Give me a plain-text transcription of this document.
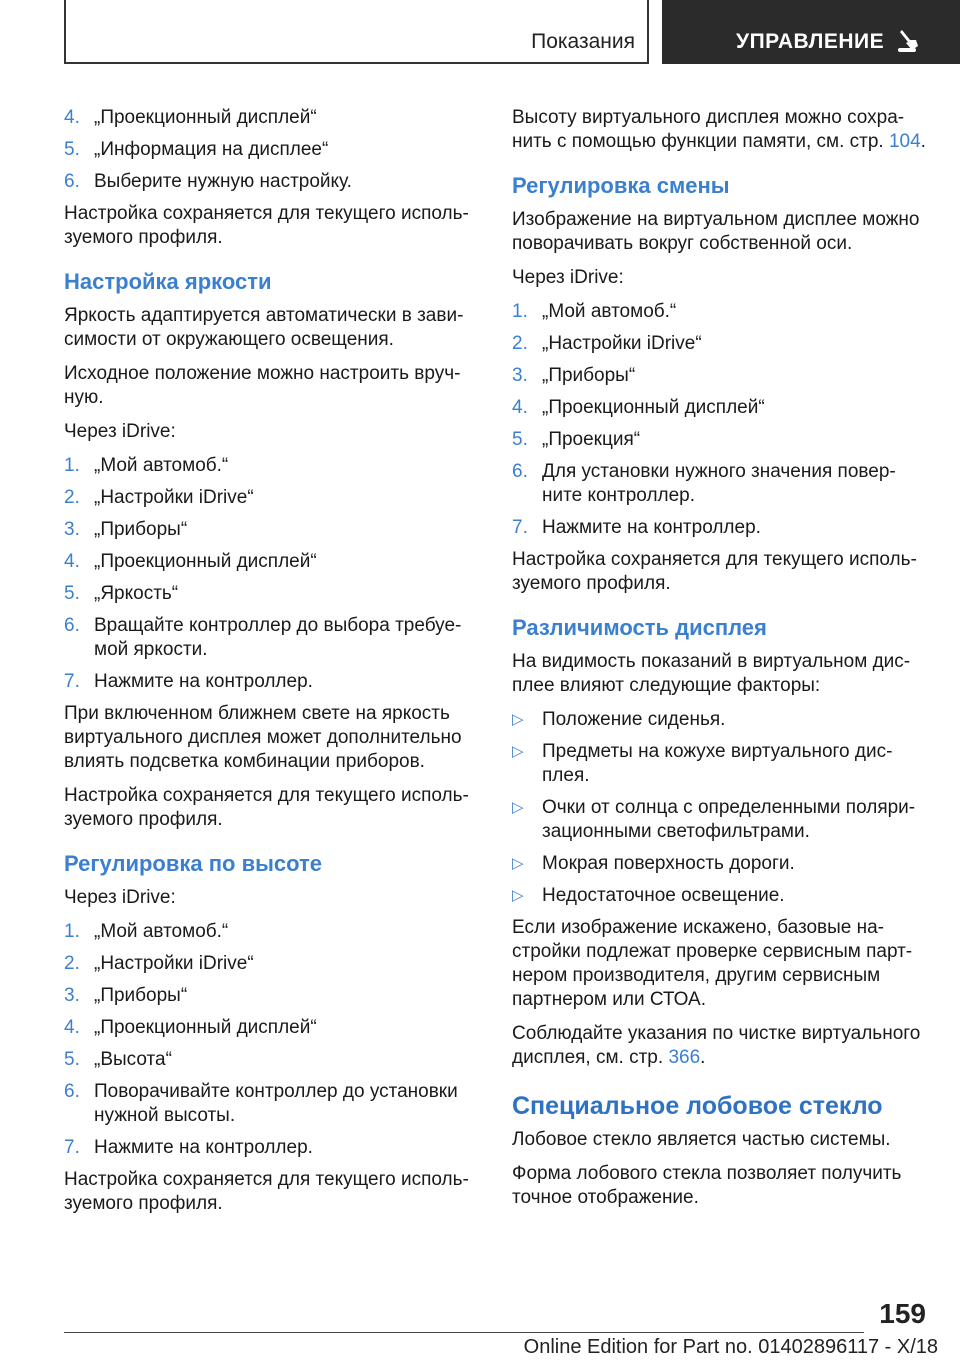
Показания	УПРАВЛЕНИЕ
4. „Проекционный дисплей“
5. „Информация на дисплее“
6. Выберите нужную настройку.

Настройка сохраняется для текущего исполь-зуемого профиля.

Настройка яркости

Яркость адаптируется автоматически в зави-симости от окружающего освещения.

Исходное положение можно настроить вруч-ную.

Через iDrive:

1. „Мой автомоб.“
2. „Настройки iDrive“
3. „Приборы“
4. „Проекционный дисплей“
5. „Яркость“
6. Вращайте контроллер до выбора требуе-мой яркости.
7. Нажмите на контроллер.

При включенном ближнем свете на яркость виртуального дисплея может дополнительно влиять подсветка комбинации приборов.

Настройка сохраняется для текущего исполь-зуемого профиля.

Регулировка по высоте

Через iDrive:

1. „Мой автомоб.“
2. „Настройки iDrive“
3. „Приборы“
4. „Проекционный дисплей“
5. „Высота“
6. Поворачивайте контроллер до установки нужной высоты.
7. Нажмите на контроллер.

Настройка сохраняется для текущего исполь-зуемого профиля.

Высоту виртуального дисплея можно сохра-нить с помощью функции памяти, см. стр. 104.

Регулировка смены

Изображение на виртуальном дисплее можно поворачивать вокруг собственной оси.

Через iDrive:

1. „Мой автомоб.“
2. „Настройки iDrive“
3. „Приборы“
4. „Проекционный дисплей“
5. „Проекция“
6. Для установки нужного значения повер-ните контроллер.
7. Нажмите на контроллер.

Настройка сохраняется для текущего исполь-зуемого профиля.

Различимость дисплея

На видимость показаний в виртуальном дис-плее влияют следующие факторы:

▷ Положение сиденья.
▷ Предметы на кожухе виртуального дис-плея.
▷ Очки от солнца с определенными поляри-зационными светофильтрами.
▷ Мокрая поверхность дороги.
▷ Недостаточное освещение.

Если изображение искажено, базовые на-стройки подлежат проверке сервисным парт-нером производителя, другим сервисным партнером или СТОА.

Соблюдайте указания по чистке виртуального дисплея, см. стр. 366.

Специальное лобовое стекло

Лобовое стекло является частью системы.

Форма лобового стекла позволяет получить точное отображение.

159
Online Edition for Part no. 01402896117 - X/18
